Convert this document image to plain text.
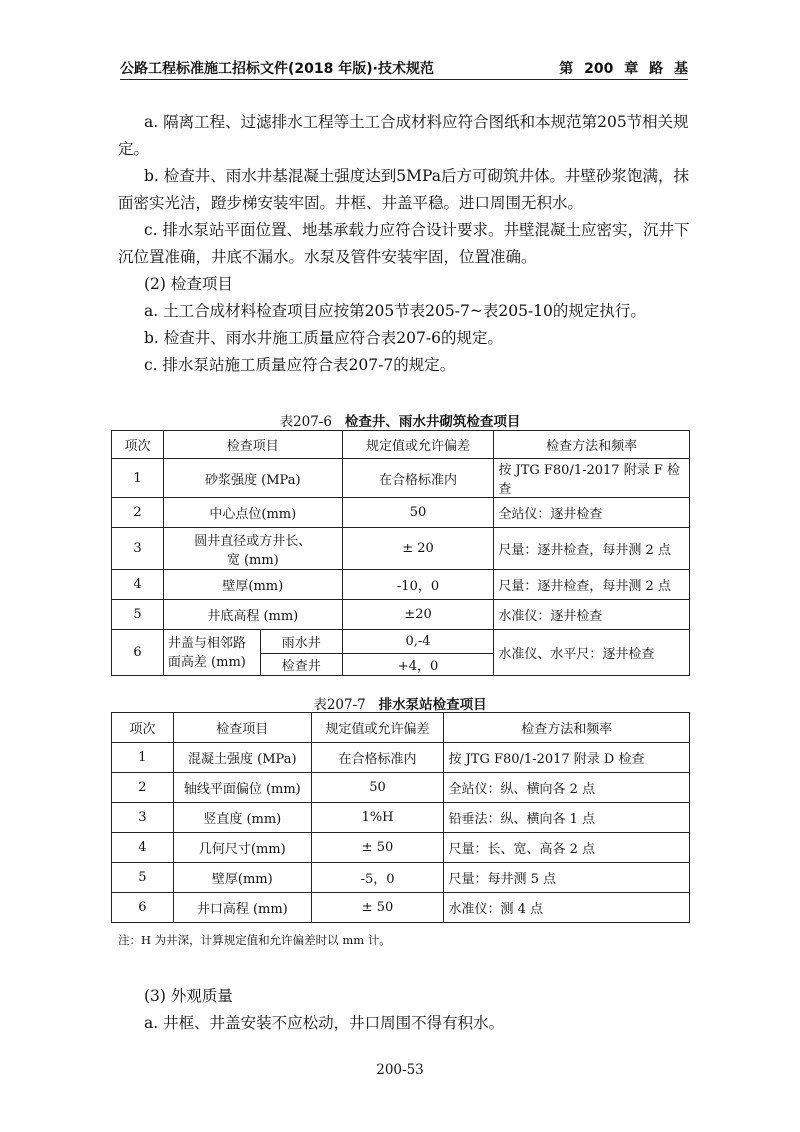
公路工程标准施工招标文件(2018 年版)·技术规范	第 200 章 路 基

a. 隔离工程、过滤排水工程等土工合成材料应符合图纸和本规范第205节相关规定。

b. 检查井、雨水井基混凝土强度达到5MPa后方可砌筑井体。井壁砂浆饱满，抹面密实光洁，蹬步梯安装牢固。井框、井盖平稳。进口周围无积水。

c. 排水泵站平面位置、地基承载力应符合设计要求。井壁混凝土应密实，沉井下沉位置准确，井底不漏水。水泵及管件安装牢固，位置准确。

(2) 检查项目

a. 土工合成材料检查项目应按第205节表205-7~表205-10的规定执行。

b. 检查井、雨水井施工质量应符合表207-6的规定。

c. 排水泵站施工质量应符合表207-7的规定。

表207-6 检查井、雨水井砌筑检查项目
项次	检查项目		规定值或允许偏差	检查方法和频率
1	砂浆强度 (MPa)		在合格标准内	按 JTG F80/1-2017 附录 F 检查
2	中心点位(mm)		50	全站仪：逐井检查
3	圆井直径或方井长、宽 (mm)		± 20	尺量：逐井检查，每井测 2 点
4	壁厚(mm)		-10，0	尺量：逐井检查，每井测 2 点
5	井底高程 (mm)		±20	水准仪：逐井检查
6	井盖与相邻路面高差 (mm)	雨水井	0,-4	水准仪、水平尺：逐井检查
		检查井	+4，0	
表207-7 排水泵站检查项目
项次	检查项目	规定值或允许偏差	检查方法和频率
1	混凝土强度 (MPa)	在合格标准内	按 JTG F80/1-2017 附录 D 检查
2	轴线平面偏位 (mm)	50	全站仪：纵、横向各 2 点
3	竖直度 (mm)	1%H	铅垂法：纵、横向各 1 点
4	几何尺寸(mm)	± 50	尺量：长、宽、高各 2 点
5	壁厚(mm)	-5，0	尺量：每井测 5 点
6	井口高程 (mm)	± 50	水准仪：测 4 点
注：H 为井深，计算规定值和允许偏差时以 mm 计。

(3) 外观质量

a. 井框、井盖安装不应松动，井口周围不得有积水。

200-53
